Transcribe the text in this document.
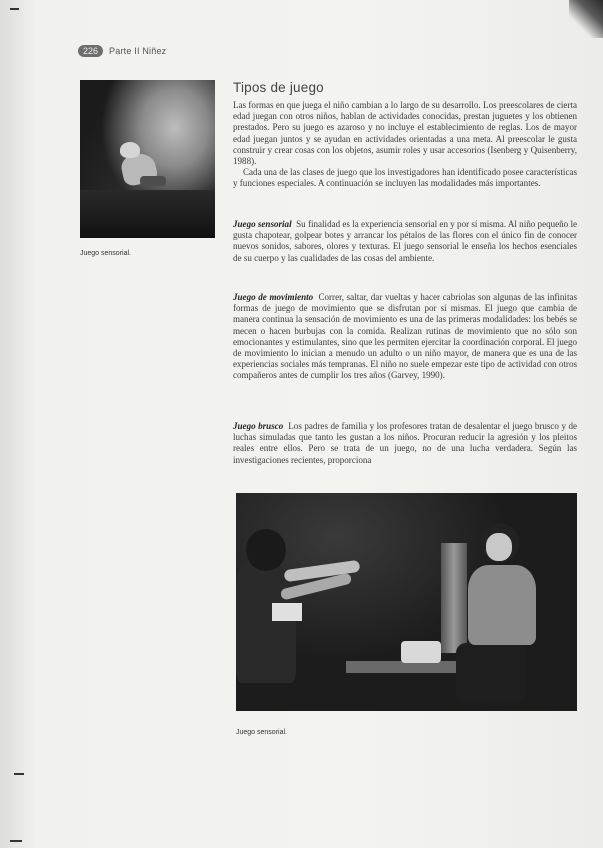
226	Parte II Niñez
Juego sensorial.
Tipos de juego

Las formas en que juega el niño cambian a lo largo de su desarrollo. Los preescolares de cierta edad juegan con otros niños, hablan de actividades conocidas, prestan juguetes y los obtienen prestados. Pero su juego es azaroso y no incluye el establecimiento de reglas. Los de mayor edad juegan juntos y se ayudan en actividades orientadas a una meta. Al preescolar le gusta construir y crear cosas con los objetos, asumir roles y usar accesorios (Isenberg y Quisenberry, 1988).

Cada una de las clases de juego que los investigadores han identificado posee características y funciones especiales. A continuación se incluyen las modalidades más importantes.

Juego sensorial Su finalidad es la experiencia sensorial en y por sí misma. Al niño pequeño le gusta chapotear, golpear botes y arrancar los pétalos de las flores con el único fin de conocer nuevos sonidos, sabores, olores y texturas. El juego sensorial le enseña los hechos esenciales de su cuerpo y las cualidades de las cosas del ambiente.

Juego de movimiento Correr, saltar, dar vueltas y hacer cabriolas son algunas de las infinitas formas de juego de movimiento que se disfrutan por sí mismas. El juego que cambia de manera continua la sensación de movimiento es una de las primeras modalidades: los bebés se mecen o hacen burbujas con la comida. Realizan rutinas de movimiento que no sólo son emocionantes y estimulantes, sino que les permiten ejercitar la coordinación corporal. El juego de movimiento lo inician a menudo un adulto o un niño mayor, de manera que es una de las experiencias sociales más tempranas. El niño no suele empezar este tipo de actividad con otros compañeros antes de cumplir los tres años (Garvey, 1990).

Juego brusco Los padres de familia y los profesores tratan de desalentar el juego brusco y de luchas simuladas que tanto les gustan a los niños. Procuran reducir la agresión y los pleitos reales entre ellos. Pero se trata de un juego, no de una lucha verdadera. Según las investigaciones recientes, proporciona

Juego sensorial.
